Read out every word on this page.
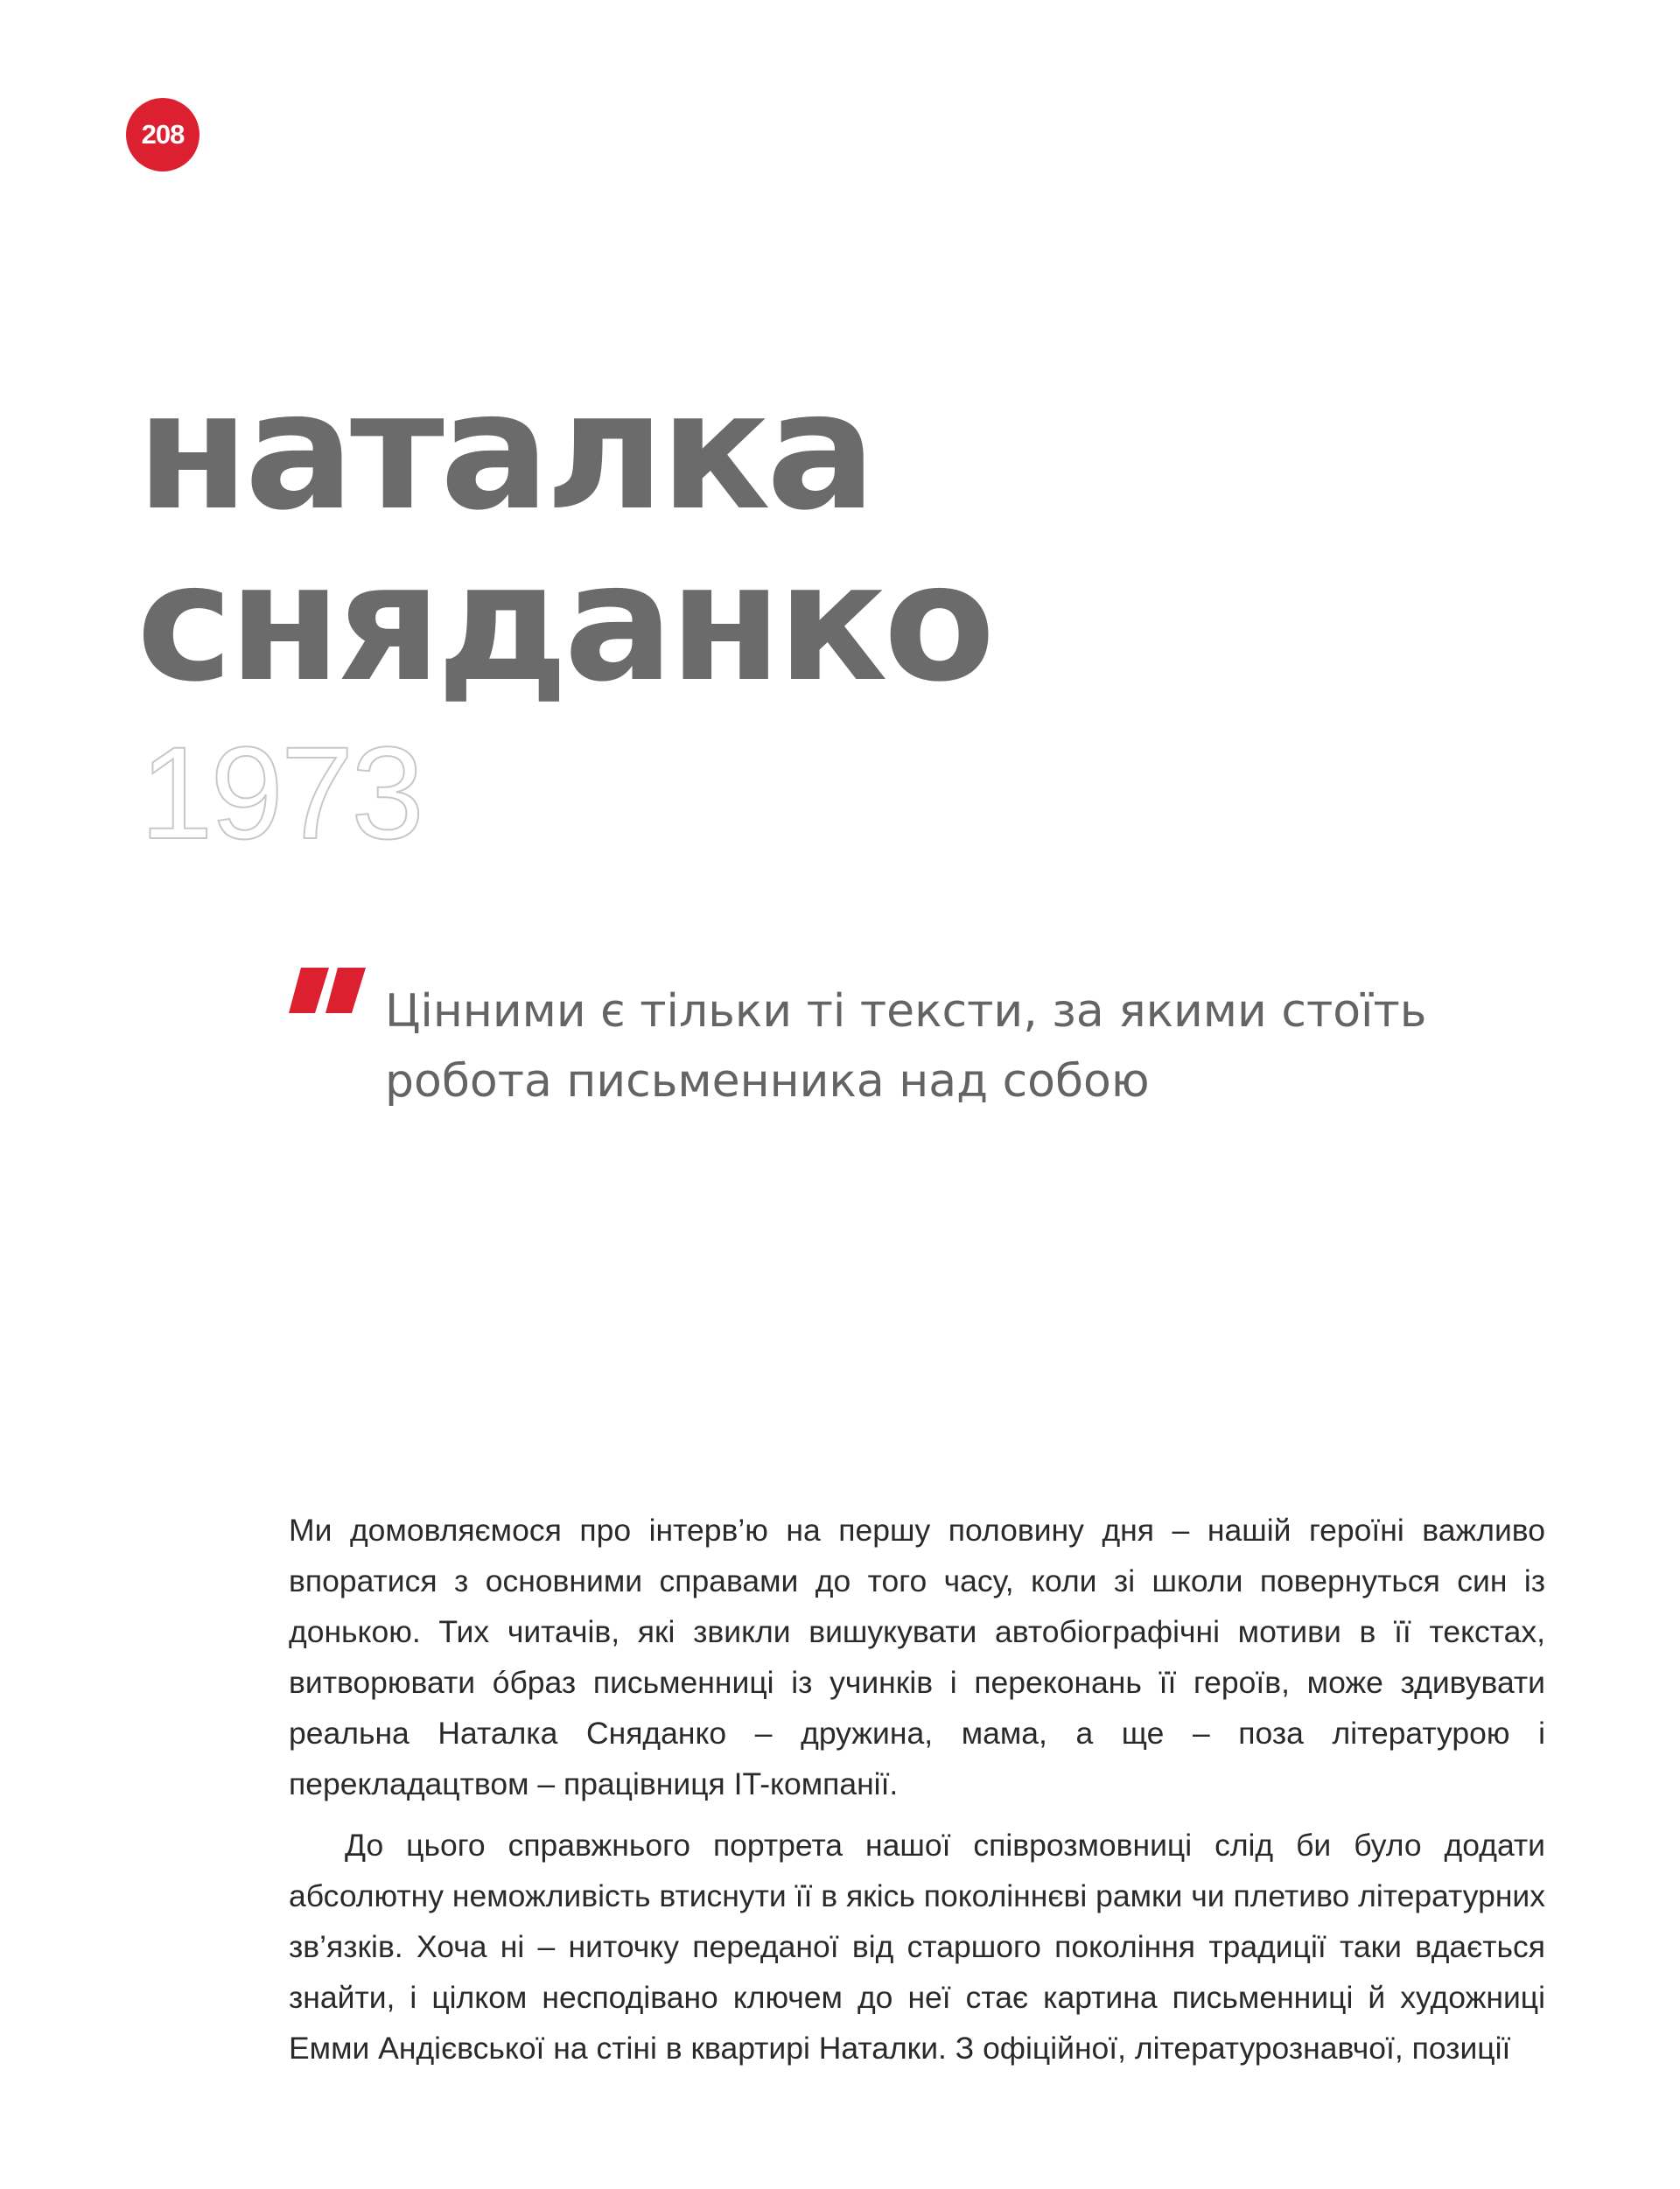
208
наталка
сняданко
1973

Цінними є тільки ті тексти, за якими стоїть робота письменника над собою

Ми домовляємося про інтерв’ю на першу половину дня – нашій героїні важливо впоратися з основними справами до того часу, коли зі школи повернуться син із донькою. Тих читачів, які звикли вишукувати автобіографічні мотиви в її текстах, витворювати óбраз письменниці із учинків і переконань її героїв, може здивувати реальна Наталка Сняданко – дружина, мама, а ще – поза літературою і перекладацтвом – працівниця IT-компанії.

До цього справжнього портрета нашої співрозмовниці слід би було додати абсолютну неможливість втиснути її в якісь поколіннєві рамки чи плетиво літературних зв’язків. Хоча ні – ниточку переданої від старшого покоління традиції таки вдається знайти, і цілком несподівано ключем до неї стає картина письменниці й художниці Емми Андієвської на стіні в квартирі Наталки. З офіційної, літературознавчої, позиції
